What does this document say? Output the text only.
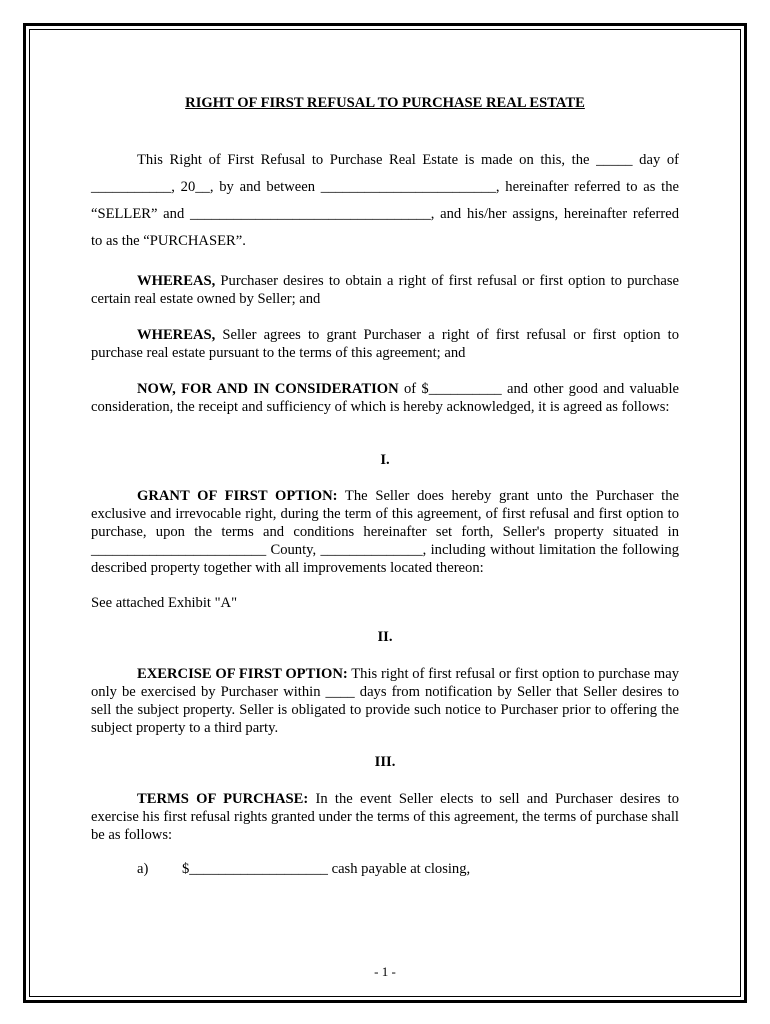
RIGHT OF FIRST REFUSAL TO PURCHASE REAL ESTATE

This Right of First Refusal to Purchase Real Estate is made on this, the _____ day of ___________, 20__, by and between ________________________, hereinafter referred to as the “SELLER” and _________________________________, and his/her assigns, hereinafter referred to as the “PURCHASER”.

WHEREAS, Purchaser desires to obtain a right of first refusal or first option to purchase certain real estate owned by Seller; and

WHEREAS, Seller agrees to grant Purchaser a right of first refusal or first option to purchase real estate pursuant to the terms of this agreement; and

NOW, FOR AND IN CONSIDERATION of $__________ and other good and valuable consideration, the receipt and sufficiency of which is hereby acknowledged, it is agreed as follows:

I.

GRANT OF FIRST OPTION: The Seller does hereby grant unto the Purchaser the exclusive and irrevocable right, during the term of this agreement, of first refusal and first option to purchase, upon the terms and conditions hereinafter set forth, Seller's property situated in ________________________ County, ______________, including without limitation the following described property together with all improvements located thereon:

See attached Exhibit "A"

II.

EXERCISE OF FIRST OPTION: This right of first refusal or first option to purchase may only be exercised by Purchaser within ____ days from notification by Seller that Seller desires to sell the subject property. Seller is obligated to provide such notice to Purchaser prior to offering the subject property to a third party.

III.

TERMS OF PURCHASE: In the event Seller elects to sell and Purchaser desires to exercise his first refusal rights granted under the terms of this agreement, the terms of purchase shall be as follows:

a) $___________________ cash payable at closing,
- 1 -
